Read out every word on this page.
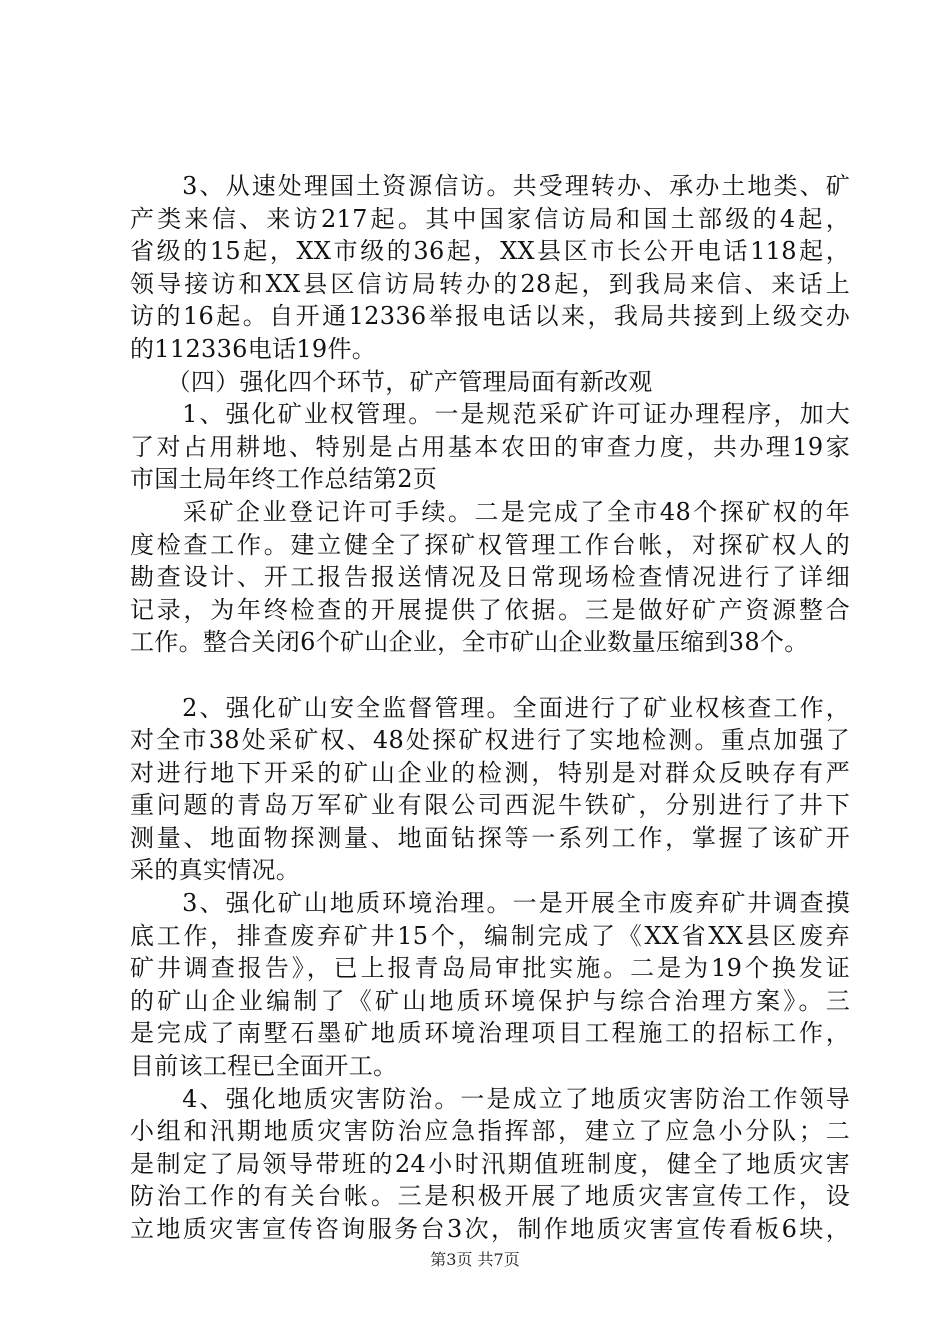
　　3、从速处理国土资源信访。共受理转办、承办土地类、矿
产类来信、来访217起。其中国家信访局和国土部级的4起，
省级的15起，XX市级的36起，XX县区市长公开电话118起，
领导接访和XX县区信访局转办的28起，到我局来信、来话上
访的16起。自开通12336举报电话以来，我局共接到上级交办
的112336电话19件。
　　（四）强化四个环节，矿产管理局面有新改观
　　1、强化矿业权管理。一是规范采矿许可证办理程序，加大
了对占用耕地、特别是占用基本农田的审查力度，共办理19家
市国土局年终工作总结第2页
　　采矿企业登记许可手续。二是完成了全市48个探矿权的年
度检查工作。建立健全了探矿权管理工作台帐，对探矿权人的
勘查设计、开工报告报送情况及日常现场检查情况进行了详细
记录，为年终检查的开展提供了依据。三是做好矿产资源整合
工作。整合关闭6个矿山企业，全市矿山企业数量压缩到38个。
　　2、强化矿山安全监督管理。全面进行了矿业权核查工作，
对全市38处采矿权、48处探矿权进行了实地检测。重点加强了
对进行地下开采的矿山企业的检测，特别是对群众反映存有严
重问题的青岛万军矿业有限公司西泥牛铁矿，分别进行了井下
测量、地面物探测量、地面钻探等一系列工作，掌握了该矿开
采的真实情况。
　　3、强化矿山地质环境治理。一是开展全市废弃矿井调查摸
底工作，排查废弃矿井15个，编制完成了《XX省XX县区废弃
矿井调查报告》，已上报青岛局审批实施。二是为19个换发证
的矿山企业编制了《矿山地质环境保护与综合治理方案》。三
是完成了南墅石墨矿地质环境治理项目工程施工的招标工作，
目前该工程已全面开工。
　　4、强化地质灾害防治。一是成立了地质灾害防治工作领导
小组和汛期地质灾害防治应急指挥部，建立了应急小分队；二
是制定了局领导带班的24小时汛期值班制度，健全了地质灾害
防治工作的有关台帐。三是积极开展了地质灾害宣传工作，设
立地质灾害宣传咨询服务台3次，制作地质灾害宣传看板6块，
第3页 共7页
